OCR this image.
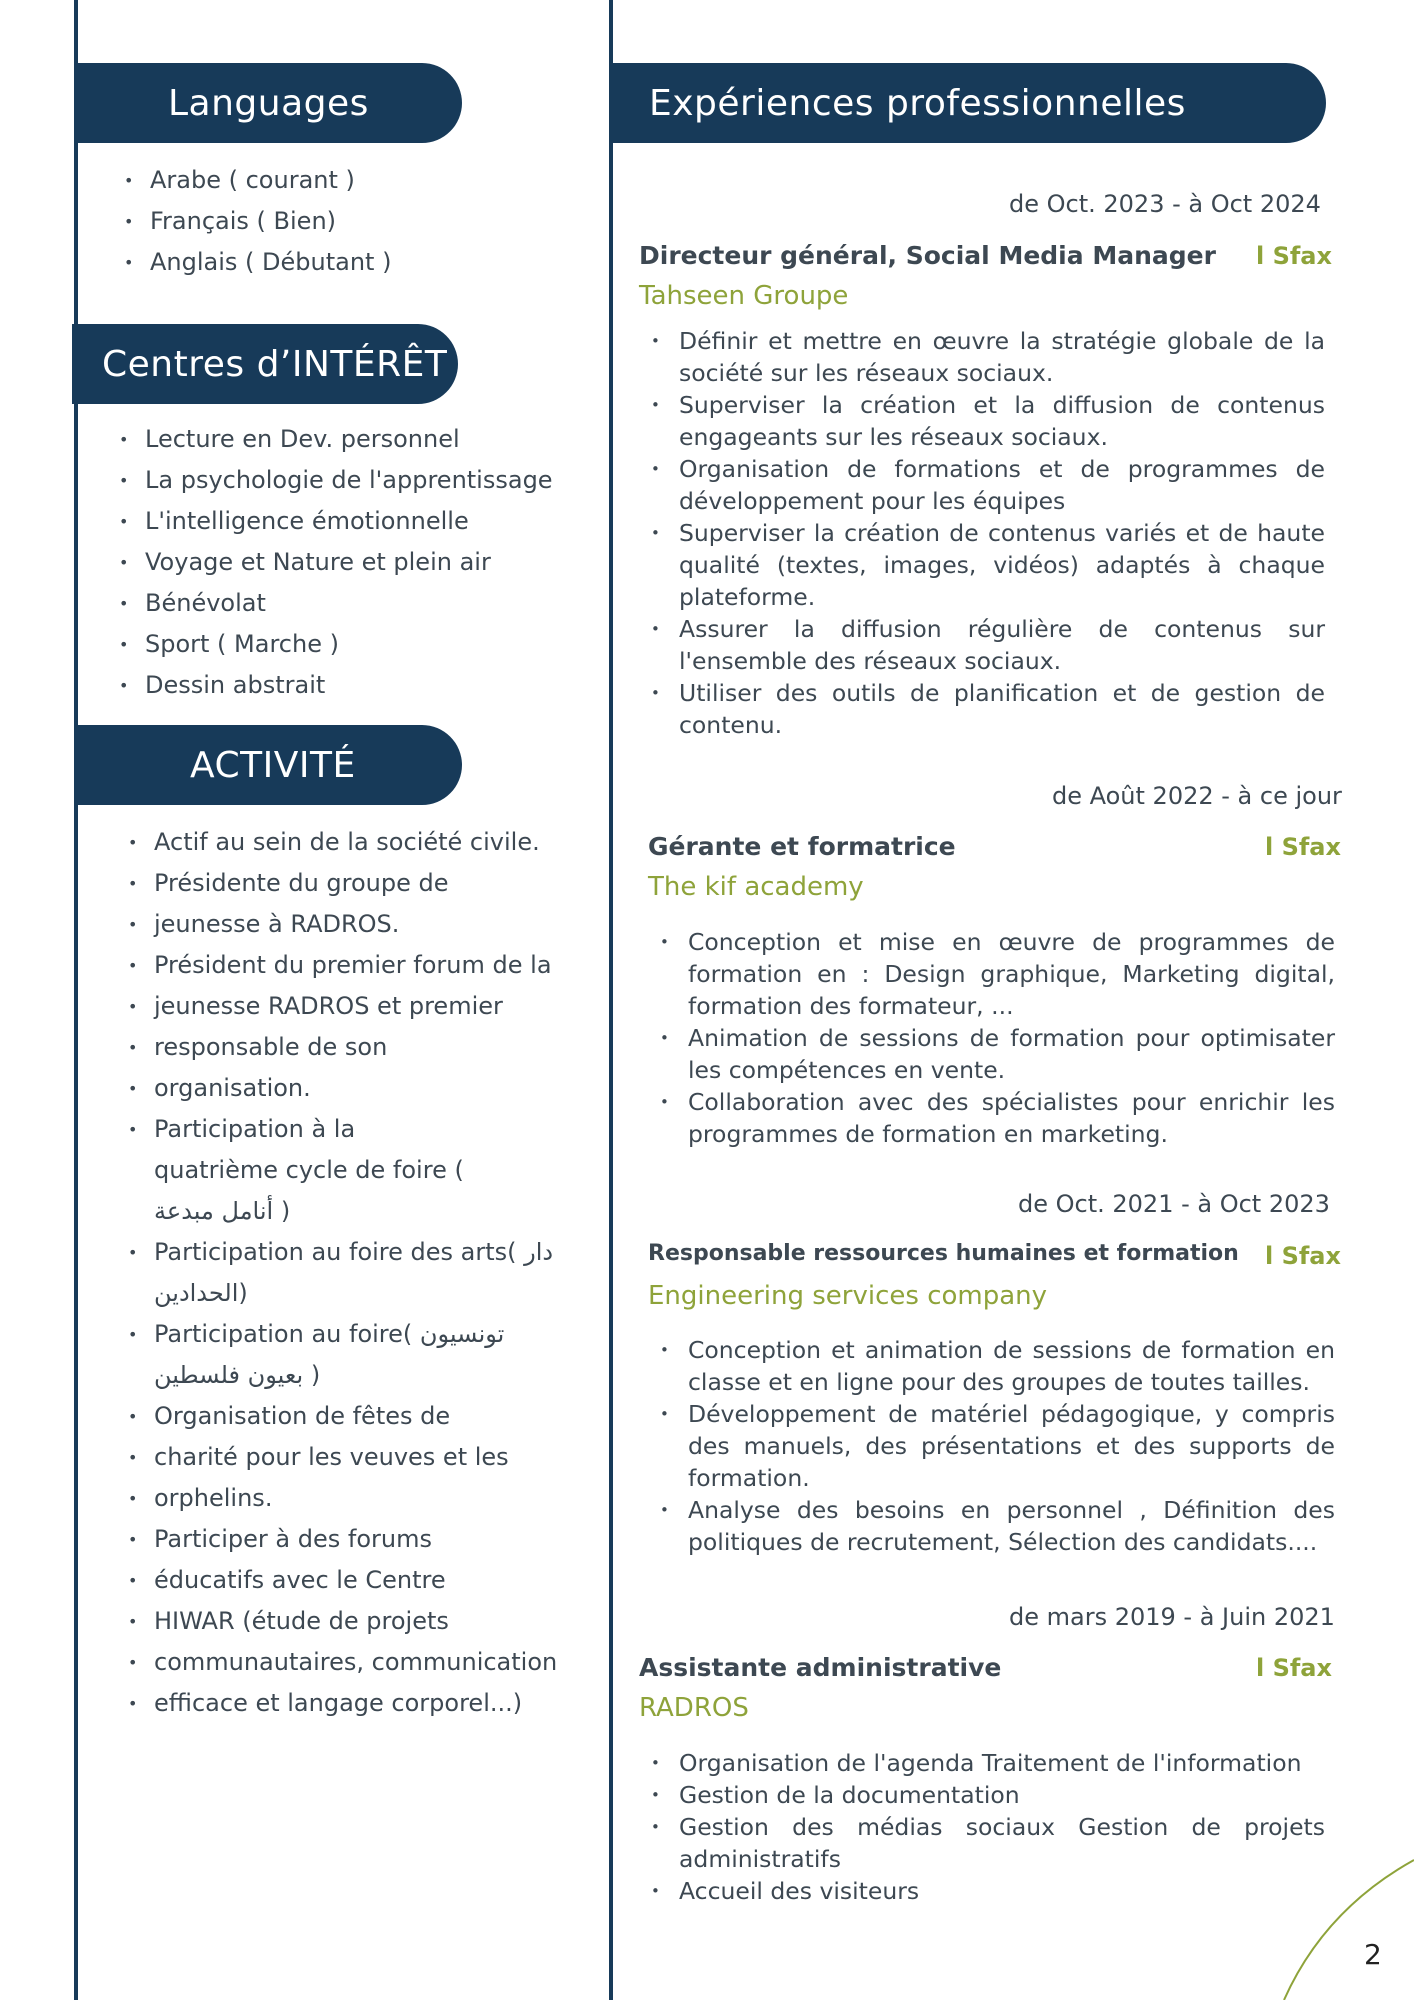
Languages
• Arabe ( courant )
• Français ( Bien)
• Anglais ( Débutant )
Centres d’INTÉRÊT
• Lecture en Dev. personnel
• La psychologie de l'apprentissage
• L'intelligence émotionnelle
• Voyage et Nature et plein air
• Bénévolat
• Sport ( Marche )
• Dessin abstrait
ACTIVITÉ
• Actif au sein de la société civile.
• Présidente du groupe de
• jeunesse à RADROS.
• Président du premier forum de la
• jeunesse RADROS et premier
• responsable de son
• organisation.
• Participation à la quatrième cycle de foire ( أنامل مبدعة )
• Participation au foire des arts( دار الحدادين)
• Participation au foire( تونسيون بعيون فلسطين )
• Organisation de fêtes de
• charité pour les veuves et les
• orphelins.
• Participer à des forums
• éducatifs avec le Centre
• HIWAR (étude de projets
• communautaires, communication
• efficace et langage corporel...)
Expériences professionnelles
de Oct. 2023 - à Oct 2024
Directeur général, Social Media Manager l Sfax
Tahseen Groupe
• Définir et mettre en œuvre la stratégie globale de la société sur les réseaux sociaux.
• Superviser la création et la diffusion de contenus engageants sur les réseaux sociaux.
• Organisation de formations et de programmes de développement pour les équipes
• Superviser la création de contenus variés et de haute qualité (textes, images, vidéos) adaptés à chaque plateforme.
• Assurer la diffusion régulière de contenus sur l'ensemble des réseaux sociaux.
• Utiliser des outils de planification et de gestion de contenu.
de Août 2022 - à ce jour
Gérante et formatrice	l Sfax
The kif academy
• Conception et mise en œuvre de programmes de formation en : Design graphique, Marketing digital, formation des formateur, ...
• Animation de sessions de formation pour optimisater les compétences en vente.
• Collaboration avec des spécialistes pour enrichir les programmes de formation en marketing.
de Oct. 2021 - à Oct 2023
Responsable ressources humaines et formation l Sfax
Engineering services company
• Conception et animation de sessions de formation en classe et en ligne pour des groupes de toutes tailles.
• Développement de matériel pédagogique, y compris des manuels, des présentations et des supports de formation.
• Analyse des besoins en personnel , Définition des politiques de recrutement, Sélection des candidats....
de mars 2019 - à Juin 2021
Assistante administrative	l Sfax
RADROS
• Organisation de l'agenda Traitement de l'information
• Gestion de la documentation
• Gestion des médias sociaux Gestion de projets administratifs
• Accueil des visiteurs
2
